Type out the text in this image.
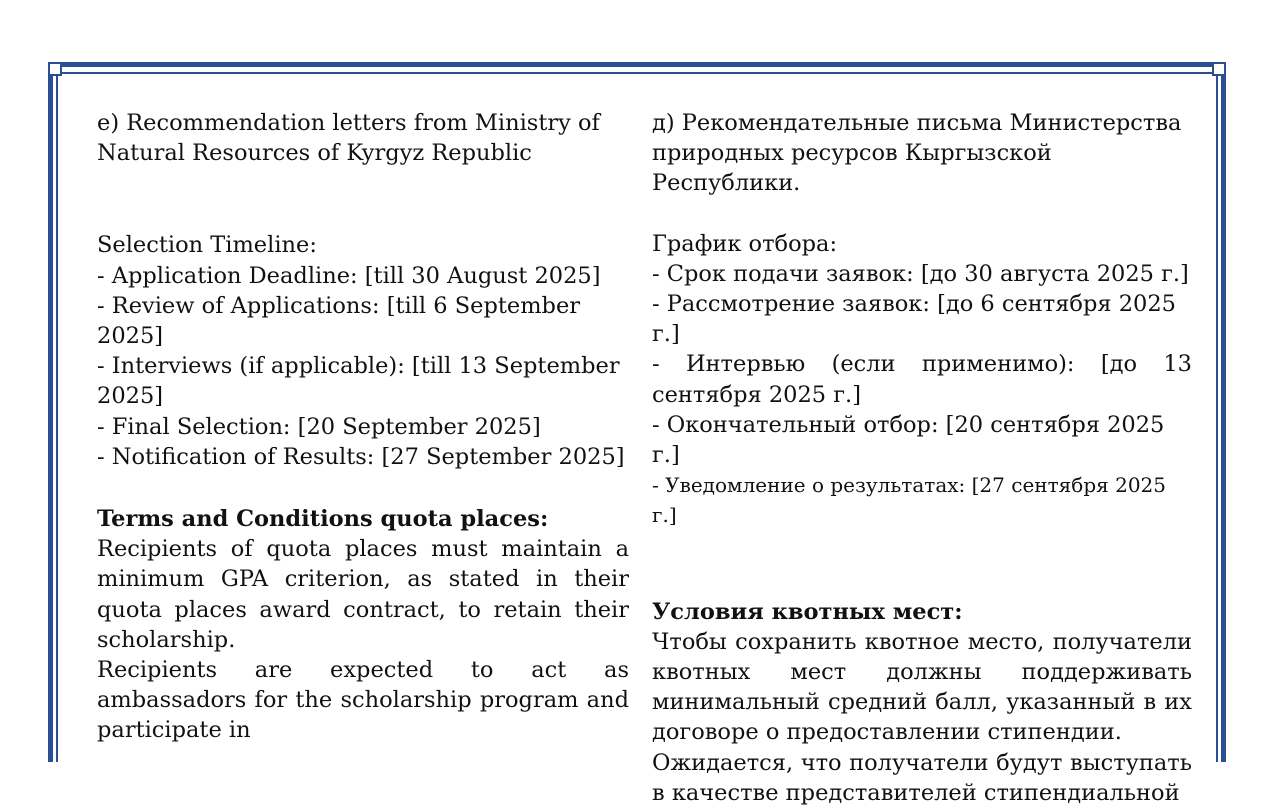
e) Recommendation letters from Ministry of Natural Resources of Kyrgyz Republic

Selection Timeline:

- Application Deadline: [till 30 August 2025]

- Review of Applications: [till 6 September 2025]

- Interviews (if applicable): [till 13 September 2025]

- Final Selection: [20 September 2025]

- Notification of Results: [27 September 2025]

Terms and Conditions quota places:

Recipients of quota places must maintain a minimum GPA criterion, as stated in their quota places award contract, to retain their scholarship.

Recipients are expected to act as ambassadors for the scholarship program and participate in

д) Рекомендательные письма Министерства природных ресурсов Кыргызской Республики.

График отбора:

- Срок подачи заявок: [до 30 августа 2025 г.]

- Рассмотрение заявок: [до 6 сентября 2025 г.]

- Интервью (если применимо): [до 13 сентября 2025 г.]

- Окончательный отбор: [20 сентября 2025 г.]

- Уведомление о результатах: [27 сентября 2025 г.]

Условия квотных мест:

Чтобы сохранить квотное место, получатели квотных мест должны поддерживать минимальный средний балл, указанный в их договоре о предоставлении стипендии.

Ожидается, что получатели будут выступать в качестве представителей стипендиальной
